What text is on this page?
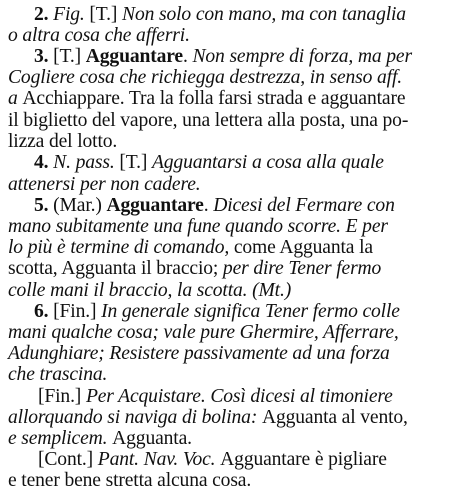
2. Fig. [T.] Non solo con mano, ma con tanaglia
o altra cosa che afferri.
3. [T.] Agguantare. Non sempre di forza, ma per
Cogliere cosa che richiegga destrezza, in senso aff.
a Acchiappare. Tra la folla farsi strada e agguantare
il biglietto del vapore, una lettera alla posta, una po-
lizza del lotto.
4. N. pass. [T.] Agguantarsi a cosa alla quale
attenersi per non cadere.
5. (Mar.) Agguantare. Dicesi del Fermare con
mano subitamente una fune quando scorre. E per
lo più è termine di comando, come Agguanta la
scotta, Agguanta il braccio; per dire Tener fermo
colle mani il braccio, la scotta. (Mt.)
6. [Fin.] In generale significa Tener fermo colle
mani qualche cosa; vale pure Ghermire, Afferrare,
Adunghiare; Resistere passivamente ad una forza
che trascina.
[Fin.] Per Acquistare. Così dicesi al timoniere
allorquando si naviga di bolina: Agguanta al vento,
e semplicem. Agguanta.
[Cont.] Pant. Nav. Voc. Agguantare è pigliare
e tener bene stretta alcuna cosa.
